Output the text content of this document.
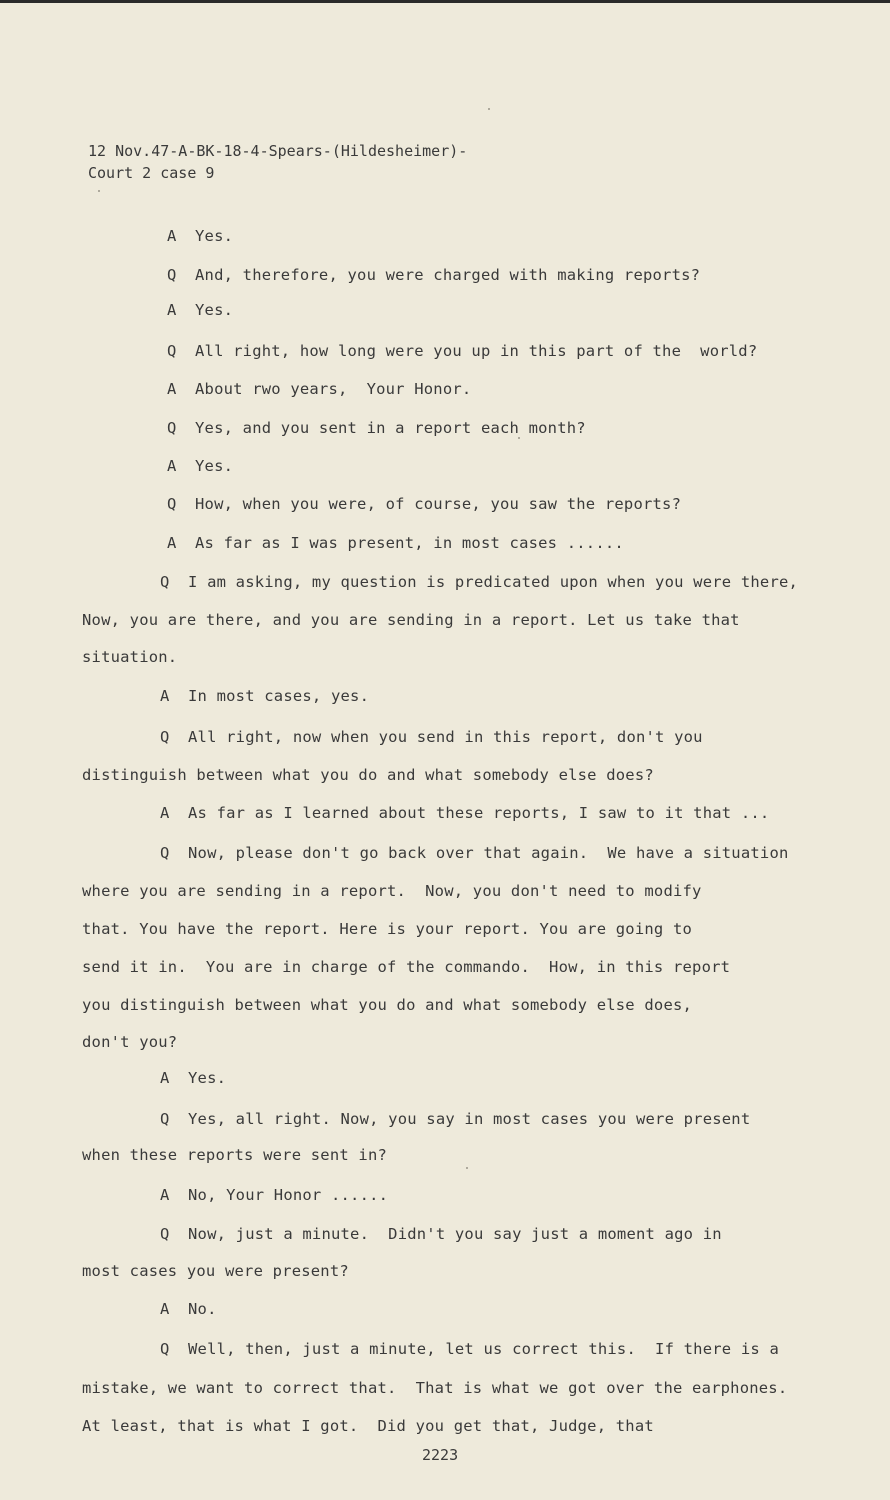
12 Nov.47-A-BK-18-4-Spears-(Hildesheimer)-
Court 2 case 9
A Yes.
Q And, therefore, you were charged with making reports?
A Yes.
Q All right, how long were you up in this part of the  world?
A About rwo years,  Your Honor.
Q Yes, and you sent in a report each month?
A Yes.
Q How, when you were, of course, you saw the reports?
A As far as I was present, in most cases ......
Q I am asking, my question is predicated upon when you were there,
Now, you are there, and you are sending in a report. Let us take that
situation.
A In most cases, yes.
Q All right, now when you send in this report, don't you
distinguish between what you do and what somebody else does?
A As far as I learned about these reports, I saw to it that ...
Q Now, please don't go back over that again.  We have a situation
where you are sending in a report.  Now, you don't need to modify
that. You have the report. Here is your report. You are going to
send it in.  You are in charge of the commando.  How, in this report
you distinguish between what you do and what somebody else does,
don't you?
A Yes.
Q Yes, all right. Now, you say in most cases you were present
when these reports were sent in?
A No, Your Honor ......
Q Now, just a minute.  Didn't you say just a moment ago in
most cases you were present?
A No.
Q Well, then, just a minute, let us correct this.  If there is a
mistake, we want to correct that.  That is what we got over the earphones.
At least, that is what I got.  Did you get that, Judge, that
2223
